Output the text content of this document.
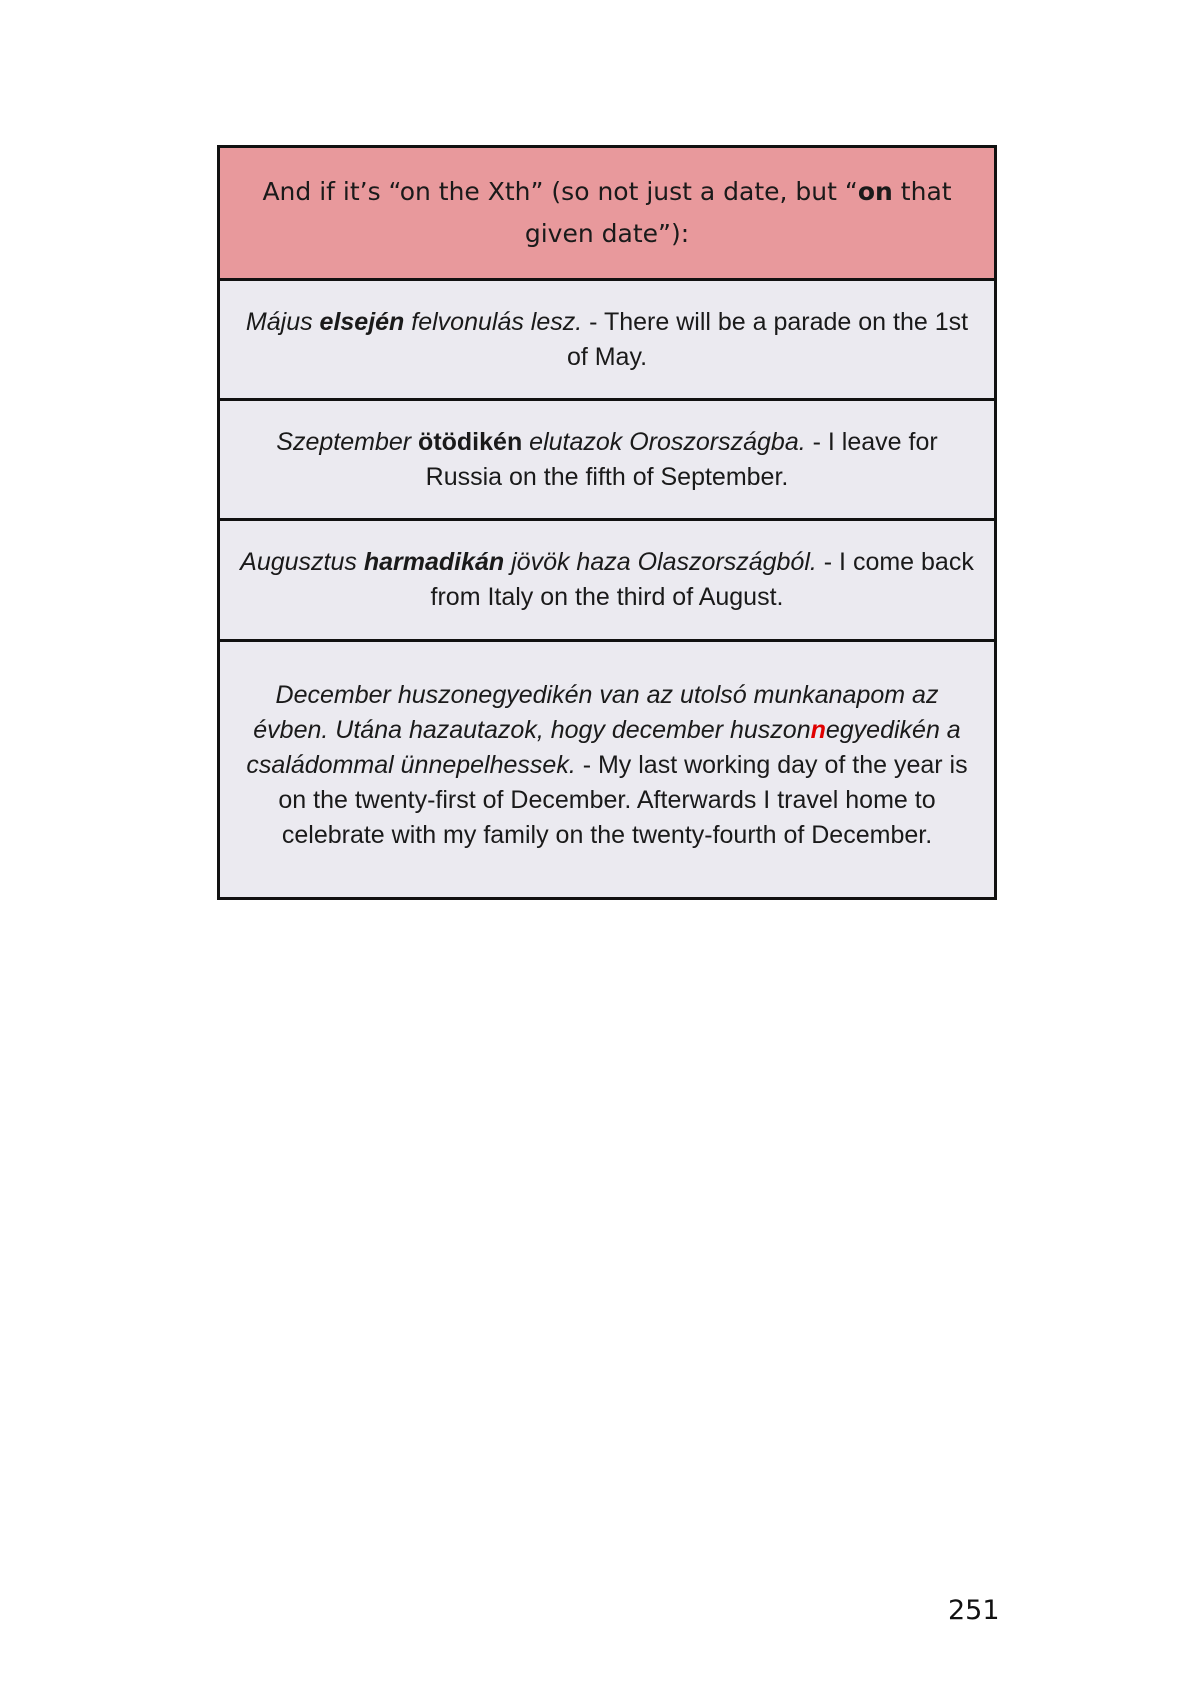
And if it’s “on the Xth” (so not just a date, but “on that given date”):
Május elsején felvonulás lesz. - There will be a parade on the 1st of May.
Szeptember ötödikén elutazok Oroszországba. - I leave for Russia on the fifth of September.
Augusztus harmadikán jövök haza Olaszországból. - I come back from Italy on the third of August.
December huszonegyedikén van az utolsó munkanapom az évben. Utána hazautazok, hogy december huszonnegyedikén a családommal ünnepelhessek. - My last working day of the year is on the twenty-first of December. Afterwards I travel home to celebrate with my family on the twenty-fourth of December.
251
